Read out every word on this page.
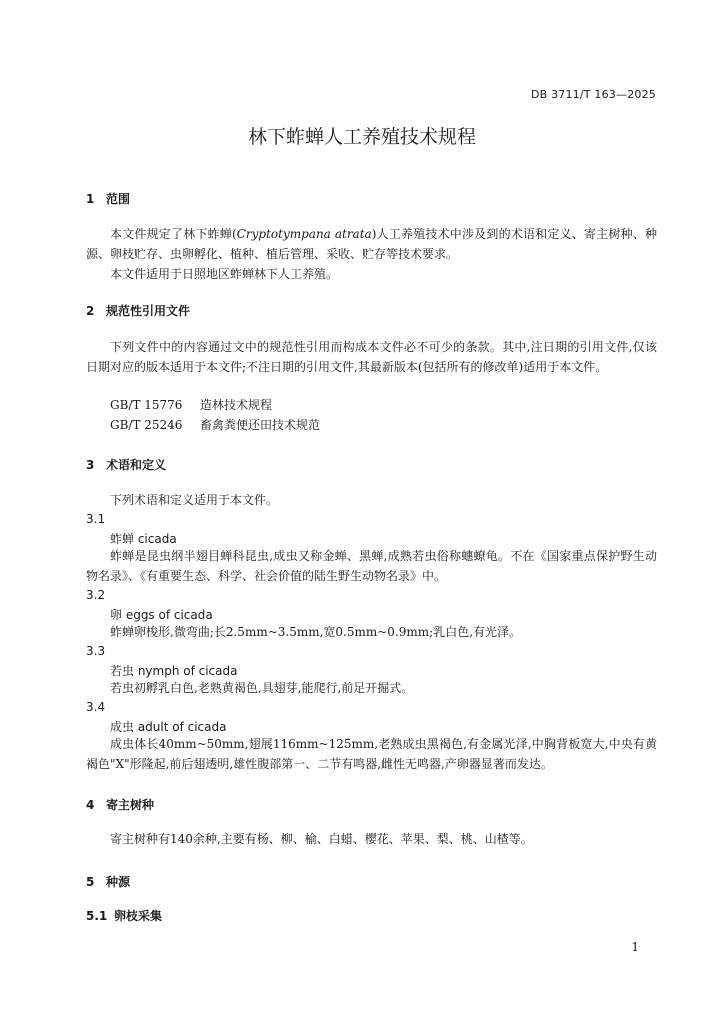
DB 3711/T 163—2025
林下蚱蝉人工养殖技术规程
1 范围
本文件规定了林下蚱蝉(Cryptotympana atrata)人工养殖技术中涉及到的术语和定义、寄主树种、种源、卵枝贮存、虫卵孵化、植种、植后管理、采收、贮存等技术要求。
本文件适用于日照地区蚱蝉林下人工养殖。
2 规范性引用文件
下列文件中的内容通过文中的规范性引用而构成本文件必不可少的条款。其中,注日期的引用文件,仅该日期对应的版本适用于本文件;不注日期的引用文件,其最新版本(包括所有的修改单)适用于本文件。
GB/T 15776 造林技术规程
GB/T 25246 畜禽粪便还田技术规范
3 术语和定义
下列术语和定义适用于本文件。
3.1
蚱蝉 cicada
蚱蝉是昆虫纲半翅目蝉科昆虫,成虫又称金蝉、黑蝉,成熟若虫俗称蟪蟟龟。不在《国家重点保护野生动物名录》、《有重要生态、科学、社会价值的陆生野生动物名录》中。
3.2
卵 eggs of cicada
蚱蝉卵梭形,微弯曲;长2.5mm~3.5mm,宽0.5mm~0.9mm;乳白色,有光泽。
3.3
若虫 nymph of cicada
若虫初孵乳白色,老熟黄褐色,具翅芽,能爬行,前足开掘式。
3.4
成虫 adult of cicada
成虫体长40mm~50mm,翅展116mm~125mm,老熟成虫黑褐色,有金属光泽,中胸背板宽大,中央有黄褐色"X"形隆起,前后翅透明,雄性腹部第一、二节有鸣器,雌性无鸣器,产卵器显著而发达。
4 寄主树种
寄主树种有140余种,主要有杨、柳、榆、白蜡、樱花、苹果、梨、桃、山楂等。
5 种源
5.1 卵枝采集
1
